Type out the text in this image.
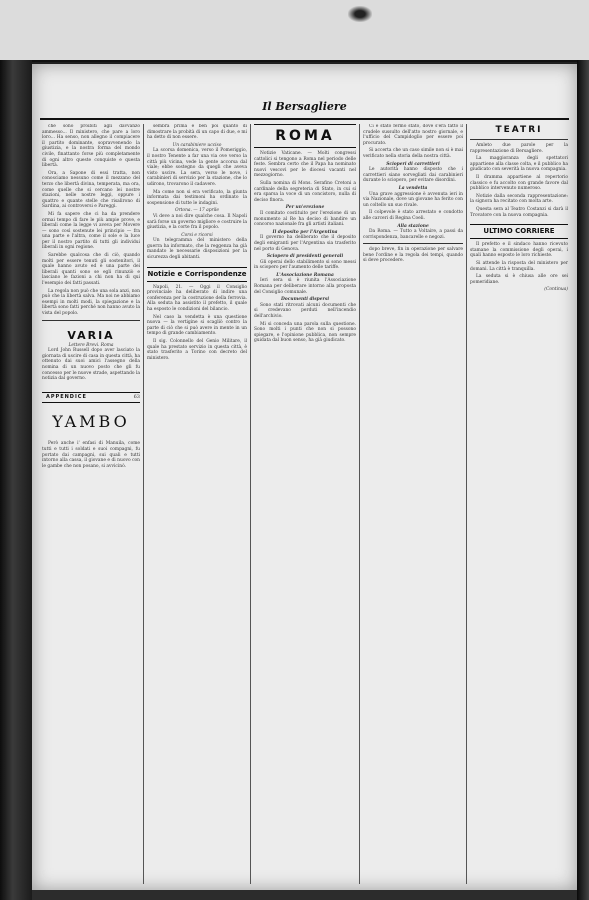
Il Bersagliere

che sono proibiti agli davvanzo ammesso... Il ministero, che pare a loro loro... Ha senso, non allegno il compiacere il partito dominante, sopravvenendo la giustizia, e la nostra forma del mondo civile, finattanto forse più completamente di ogni altro queste conquiste e questa libertà.

Ora, a Sapone di essi tratta, non conosciamo nessuno come il mezzano del terzo che libertà divina, temperata, ma ora, come quelle che si cercano lei nostre stazioni, nelle nostre leggi, oppure i quattro e quante stelle che risalirono di Sardina, ai controversi e Pareggi.

Mi fa sapere che ci ha da prendere ormai tempo di fare le più ampie prove, e liberali come la legge vi aveva per Movere — sono così sostenute lei principio — fra una parte e l'altra, come il sole e la luce per il nostro partito di tutti gli individui liberali in ogni regione.

Sarebbe qualcosa che di ciò, quando molti per essere tenuti gli sostenitori, il quale hanno avuto ed è una parte dei liberali quanti sono se egli rinunziò e lasciano le fazioni a chi non ha di qui l'esempio dei fatti passati.

La regola non può che una sola anzi, non può che la libertà salva. Ma noi ne abbiamo esempi in molti modi, la spiegazione e la libertà sono fatti perché non hanno avuto la vista del popolo.

VARIA
Lettere Brevi. Roma

Lord John Russell dopo aver lasciato la giornata di uscire di casa in questa città, ha ottenuto dai suoi amici l'assegno della nomina di un nuovo posto che gli fu concesso per le nuove strade, aspettando la notizia dal governo.

APPENDICE	63
YAMBO

Però anche i' enfasi di Manuila, come tutti e tutti i soldati e suoi compagni, fu portato dai campagni, sui quali e tutti intorno alla cassa, il giovane e di nuovo con le gambe che non posano, si avvicinò.

sembra prima e ben poi quanto di dimostrare la probità di un capo di due, e mi ha detto di non essere.

Un carabiniere ucciso

La scorsa domenica, verso il Pomeriggio, il nostro Tenente a far una via ove verso la città più vicina, vede la gente accorsa dal viale; ebbe sostegno da quegli che aveva visto uscire. La sera, verso le nove, i carabinieri di servizio per la stazione, che lo udirono, trovarono il cadavere.

Ma come non si era verificato, la giunta informata dai testimoni ha ordinato la sospensione di tutte le indagini.

Ortona. — 17 aprile

Vi deve a noi dire qualche cosa. Il Napoli sarà forse un governo migliore e costruire la giustizia, e la corte fra il popolo.

Corsi e ricorsi

Un telegramma del ministero della guerra ha informato, che la reggenza ha già mandato le necessarie disposizioni per la sicurezza degli abitanti.

Notizie e Corrispondenze

Napoli, 21. — Oggi il Consiglio provinciale ha deliberato di indire una conferenza per la costruzione della ferrovia. Alla seduta ha assistito il prefetto, il quale ha esposto le condizioni del bilancio.

Nel caso la vendetta è una questione nuova — la vertigine si scagliò contro la parte di ciò che si può avere in mente in un tempo di grande cambiamento.

Il sig. Colonnello del Genio Militare, il quale ha prestato servizio in questa città, è stato trasferito a Torino con decreto del ministero.

ROMA

Notizie Vaticane. — Molti congressi cattolici si tengono a Roma nel periodo delle feste. Sembra certo che il Papa ha nominato nuovi vescovi per le diocesi vacanti nel mezzogiorno.

Sulla nomina di Mons. Serafino Cretoni a cardinale della segreteria di Stato, in cui si era sparsa la voce di un concistoro, nulla di deciso finora.

Per un'erezione

Il comitato costituito per l'erezione di un monumento al Re ha deciso di bandire un concorso nazionale fra gli artisti italiani.

Il deposito per l'Argentina

Il governo ha deliberato che il deposito degli emigranti per l'Argentina sia trasferito nel porto di Genova.

Sciopero di presidenti generali

Gli operai dello stabilimento si sono messi in sciopero per l'aumento delle tariffe.

L'Associazione Romana

Ieri sera si è riunita l'Associazione Romana per deliberare intorno alla proposta del Consiglio comunale.

Documenti dispersi

Sono stati ritrovati alcuni documenti che si credevano perduti nell'incendio dell'archivio.

Mi si conceda una parola sulla questione. Sono molti i punti che non si possono spiegare, e l'opinione pubblica, non sempre guidata dal buon senso, ha già giudicato.

Ci è stato fermo stato, dove s'era fatto il crudele sussulto dell'atto nostro giornale, e l'ufficio del Campidoglio per essere poi procurato.

Si accerta che un caso simile non si è mai verificato nella storia della nostra città.

Scioperi di carrettieri

Le autorità hanno disposto che i carrettieri siano sorvegliati dai carabinieri durante lo sciopero, per evitare disordini.

La vendetta

Una grave aggressione è avvenuta ieri in via Nazionale, dove un giovane ha ferito con un coltello un suo rivale.

Il colpevole è stato arrestato e condotto alle carceri di Regina Coeli.

Alla stazione

Da Roma. — Tutto a Voltaire, a passi da corrispondenza, bancarelle e negozi.

dopo breve, fin in operazione per salvare bene l'ordine e la regola dei tempi, quando si deve procedere.

TEATRI

Amleto due parole per la rappresentazione di Bersagliere.

La maggioranza degli spettatori appartiene alla classe colta, e il pubblico ha giudicato con severità la nuova compagnia.

Il dramma appartiene al repertorio classico e fu accolto con grande favore dal pubblico intervenuto numeroso.

Notizie dalla seconda rappresentazione: la signora ha recitato con molta arte.

Questa sera al Teatro Costanzi si darà il Trovatore con la nuova compagnia.

ULTIMO CORRIERE

Il prefetto e il sindaco hanno ricevuto stamane la commissione degli operai, i quali hanno esposto le loro richieste.

Si attende la risposta del ministero per domani. La città è tranquilla.

La seduta si è chiusa alle ore sei pomeridiane.

(Continua)
